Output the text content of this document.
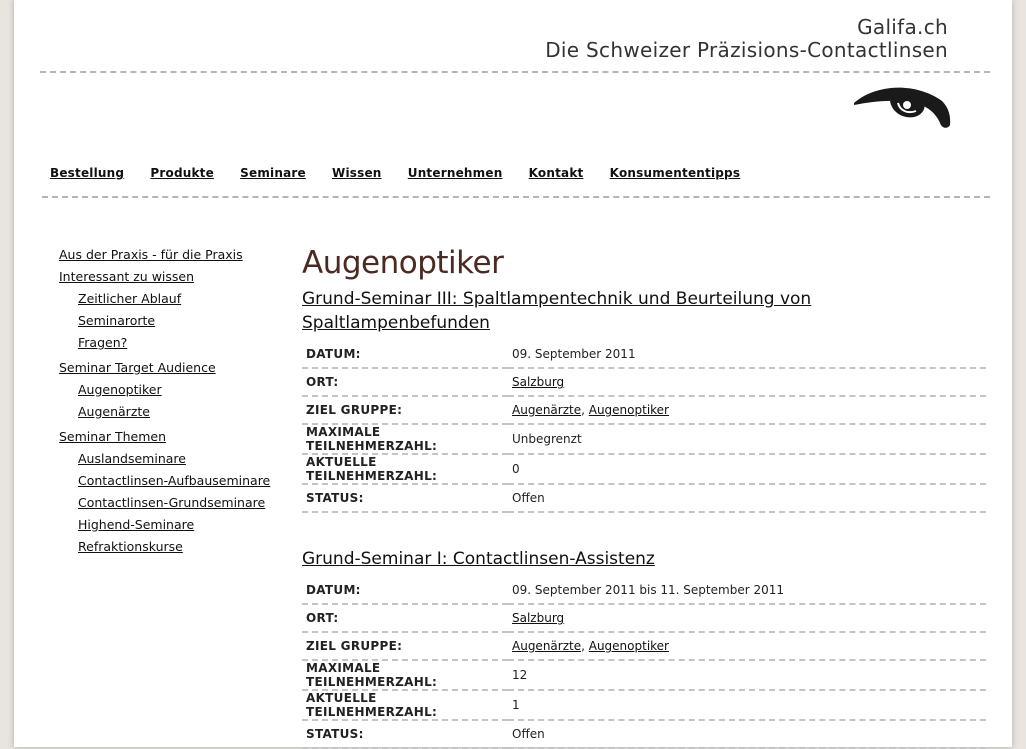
Galifa.ch
Die Schweizer Präzisions-Contactlinsen
Bestellung Produkte Seminare Wissen Unternehmen Kontakt Konsumententipps
Aus der Praxis - für die Praxis
Interessant zu wissen
Zeitlicher Ablauf
Seminarorte
Fragen?
Seminar Target Audience
Augenoptiker
Augenärzte
Seminar Themen
Auslandseminare
Contactlinsen-Aufbauseminare
Contactlinsen-Grundseminare
Highend-Seminare
Refraktionskurse
Augenoptiker
Grund-Seminar III: Spaltlampentechnik und Beurteilung von Spaltlampenbefunden
DATUM:	09. September 2011
ORT:	Salzburg
ZIEL GRUPPE:	Augenärzte, Augenoptiker
MAXIMALE TEILNEHMERZAHL:	Unbegrenzt
AKTUELLE TEILNEHMERZAHL:	0
STATUS:	Offen
Grund-Seminar I: Contactlinsen-Assistenz
DATUM:	09. September 2011 bis 11. September 2011
ORT:	Salzburg
ZIEL GRUPPE:	Augenärzte, Augenoptiker
MAXIMALE TEILNEHMERZAHL:	12
AKTUELLE TEILNEHMERZAHL:	1
STATUS:	Offen
